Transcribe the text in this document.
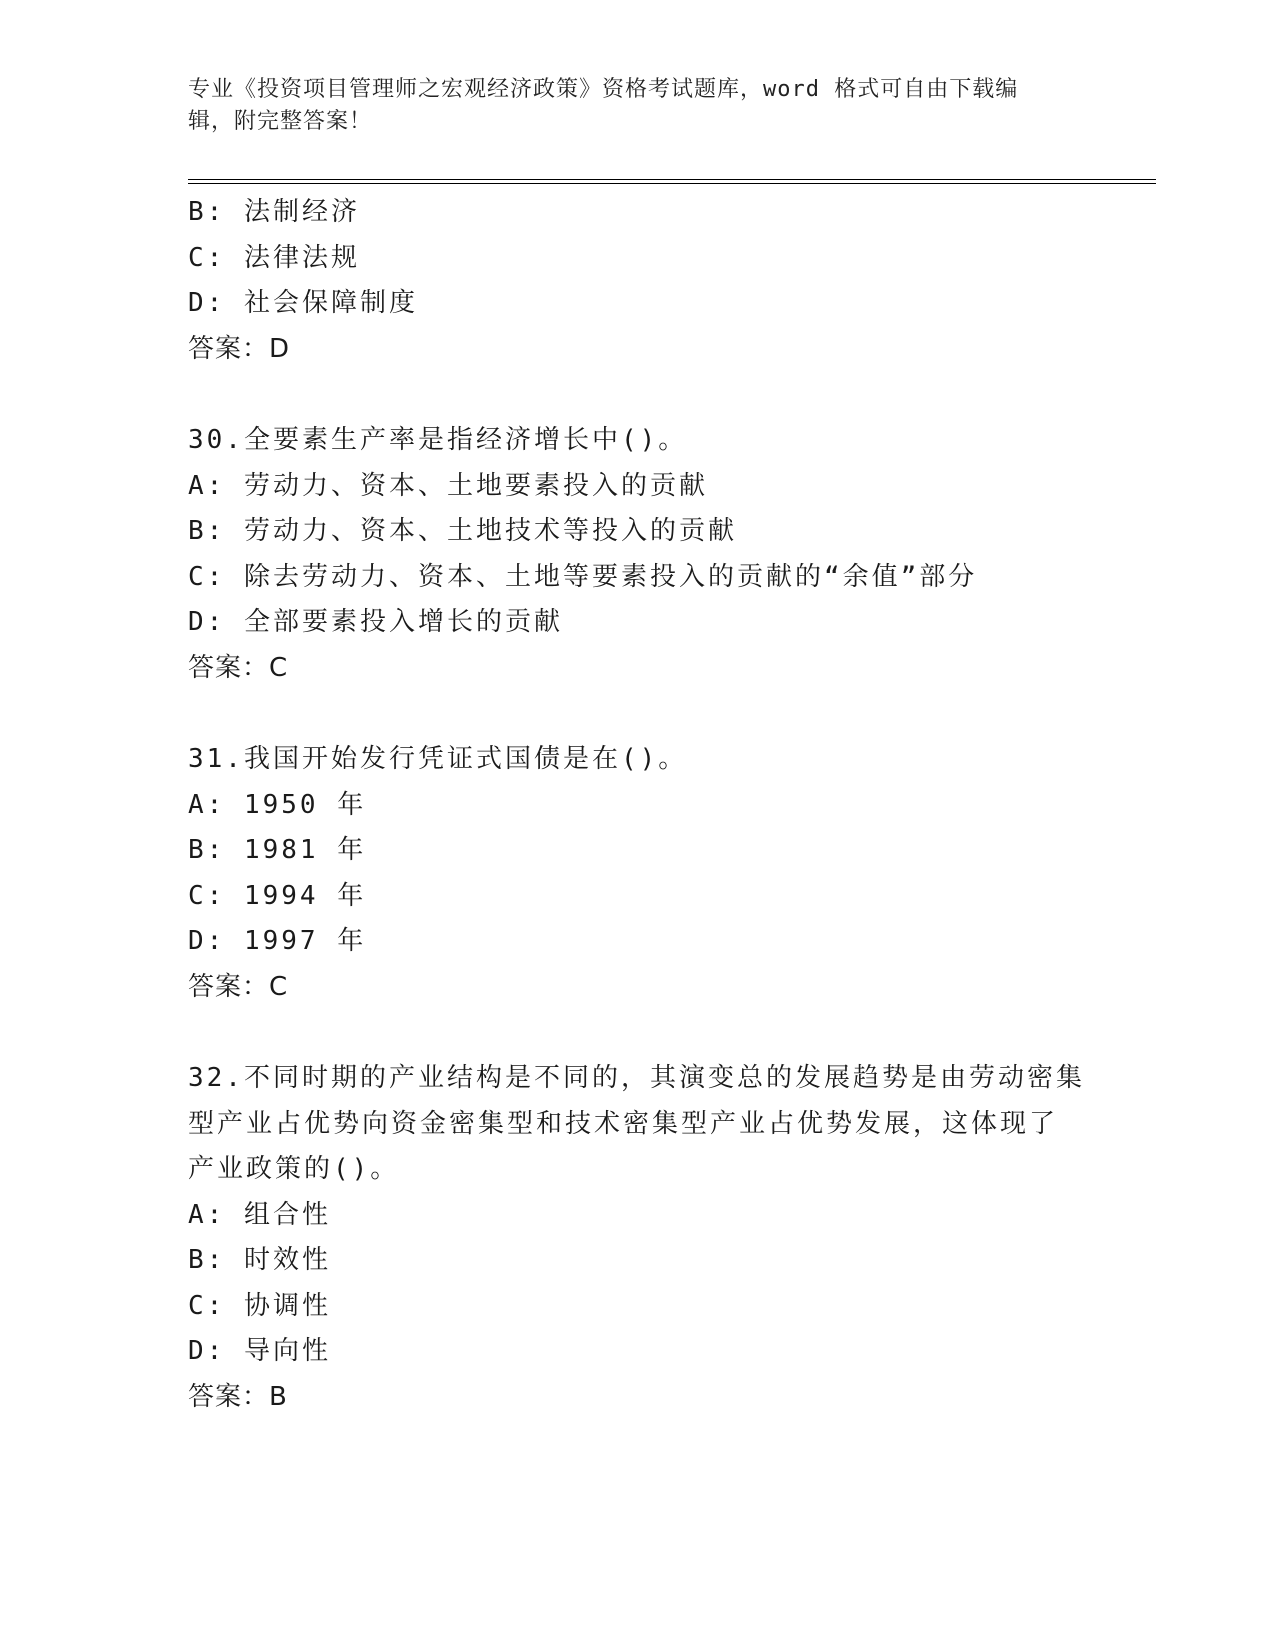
专业《投资项目管理师之宏观经济政策》资格考试题库，word 格式可自由下载编
辑，附完整答案！
B: 法制经济
C: 法律法规
D: 社会保障制度
答案：D
30.全要素生产率是指经济增长中()。
A: 劳动力、资本、土地要素投入的贡献
B: 劳动力、资本、土地技术等投入的贡献
C: 除去劳动力、资本、土地等要素投入的贡献的“余值”部分
D: 全部要素投入增长的贡献
答案：C
31.我国开始发行凭证式国债是在()。
A: 1950 年
B: 1981 年
C: 1994 年
D: 1997 年
答案：C
32.不同时期的产业结构是不同的，其演变总的发展趋势是由劳动密集
型产业占优势向资金密集型和技术密集型产业占优势发展，这体现了
产业政策的()。
A: 组合性
B: 时效性
C: 协调性
D: 导向性
答案：B
